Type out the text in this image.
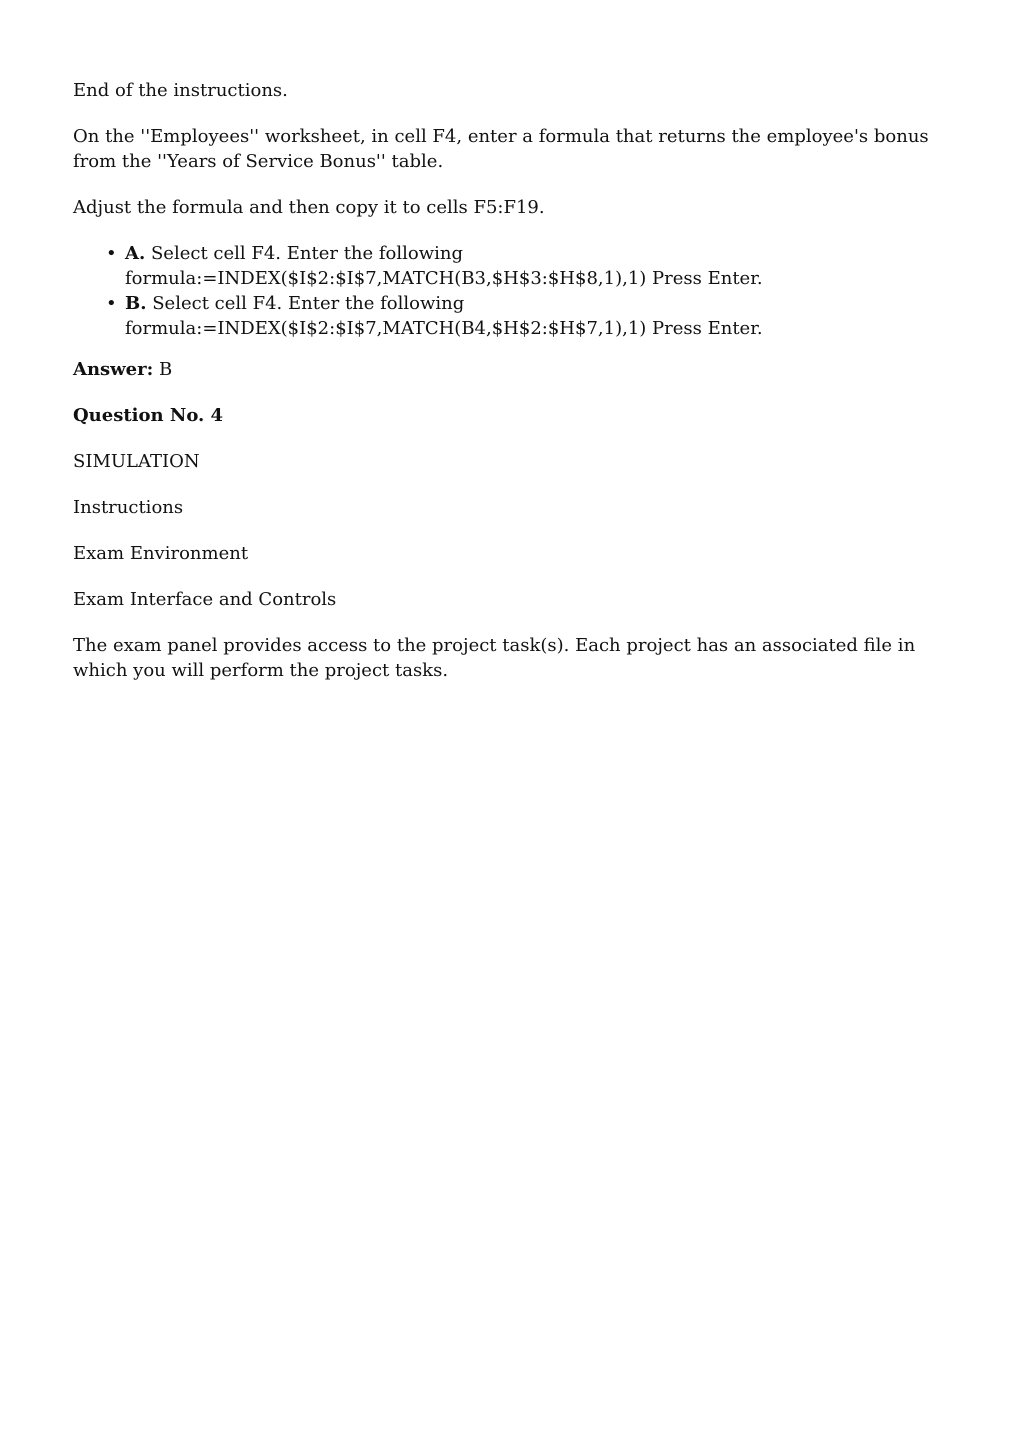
End of the instructions.

On the ''Employees'' worksheet, in cell F4, enter a formula that returns the employee's bonus from the ''Years of Service Bonus'' table.

Adjust the formula and then copy it to cells F5:F19.

• A. Select cell F4. Enter the following formula:=INDEX($I$2:$I$7,MATCH(B3,$H$3:$H$8,1),1) Press Enter.
• B. Select cell F4. Enter the following formula:=INDEX($I$2:$I$7,MATCH(B4,$H$2:$H$7,1),1) Press Enter.

Answer: B

Question No. 4

SIMULATION

Instructions

Exam Environment

Exam Interface and Controls

The exam panel provides access to the project task(s). Each project has an associated file in which you will perform the project tasks.
